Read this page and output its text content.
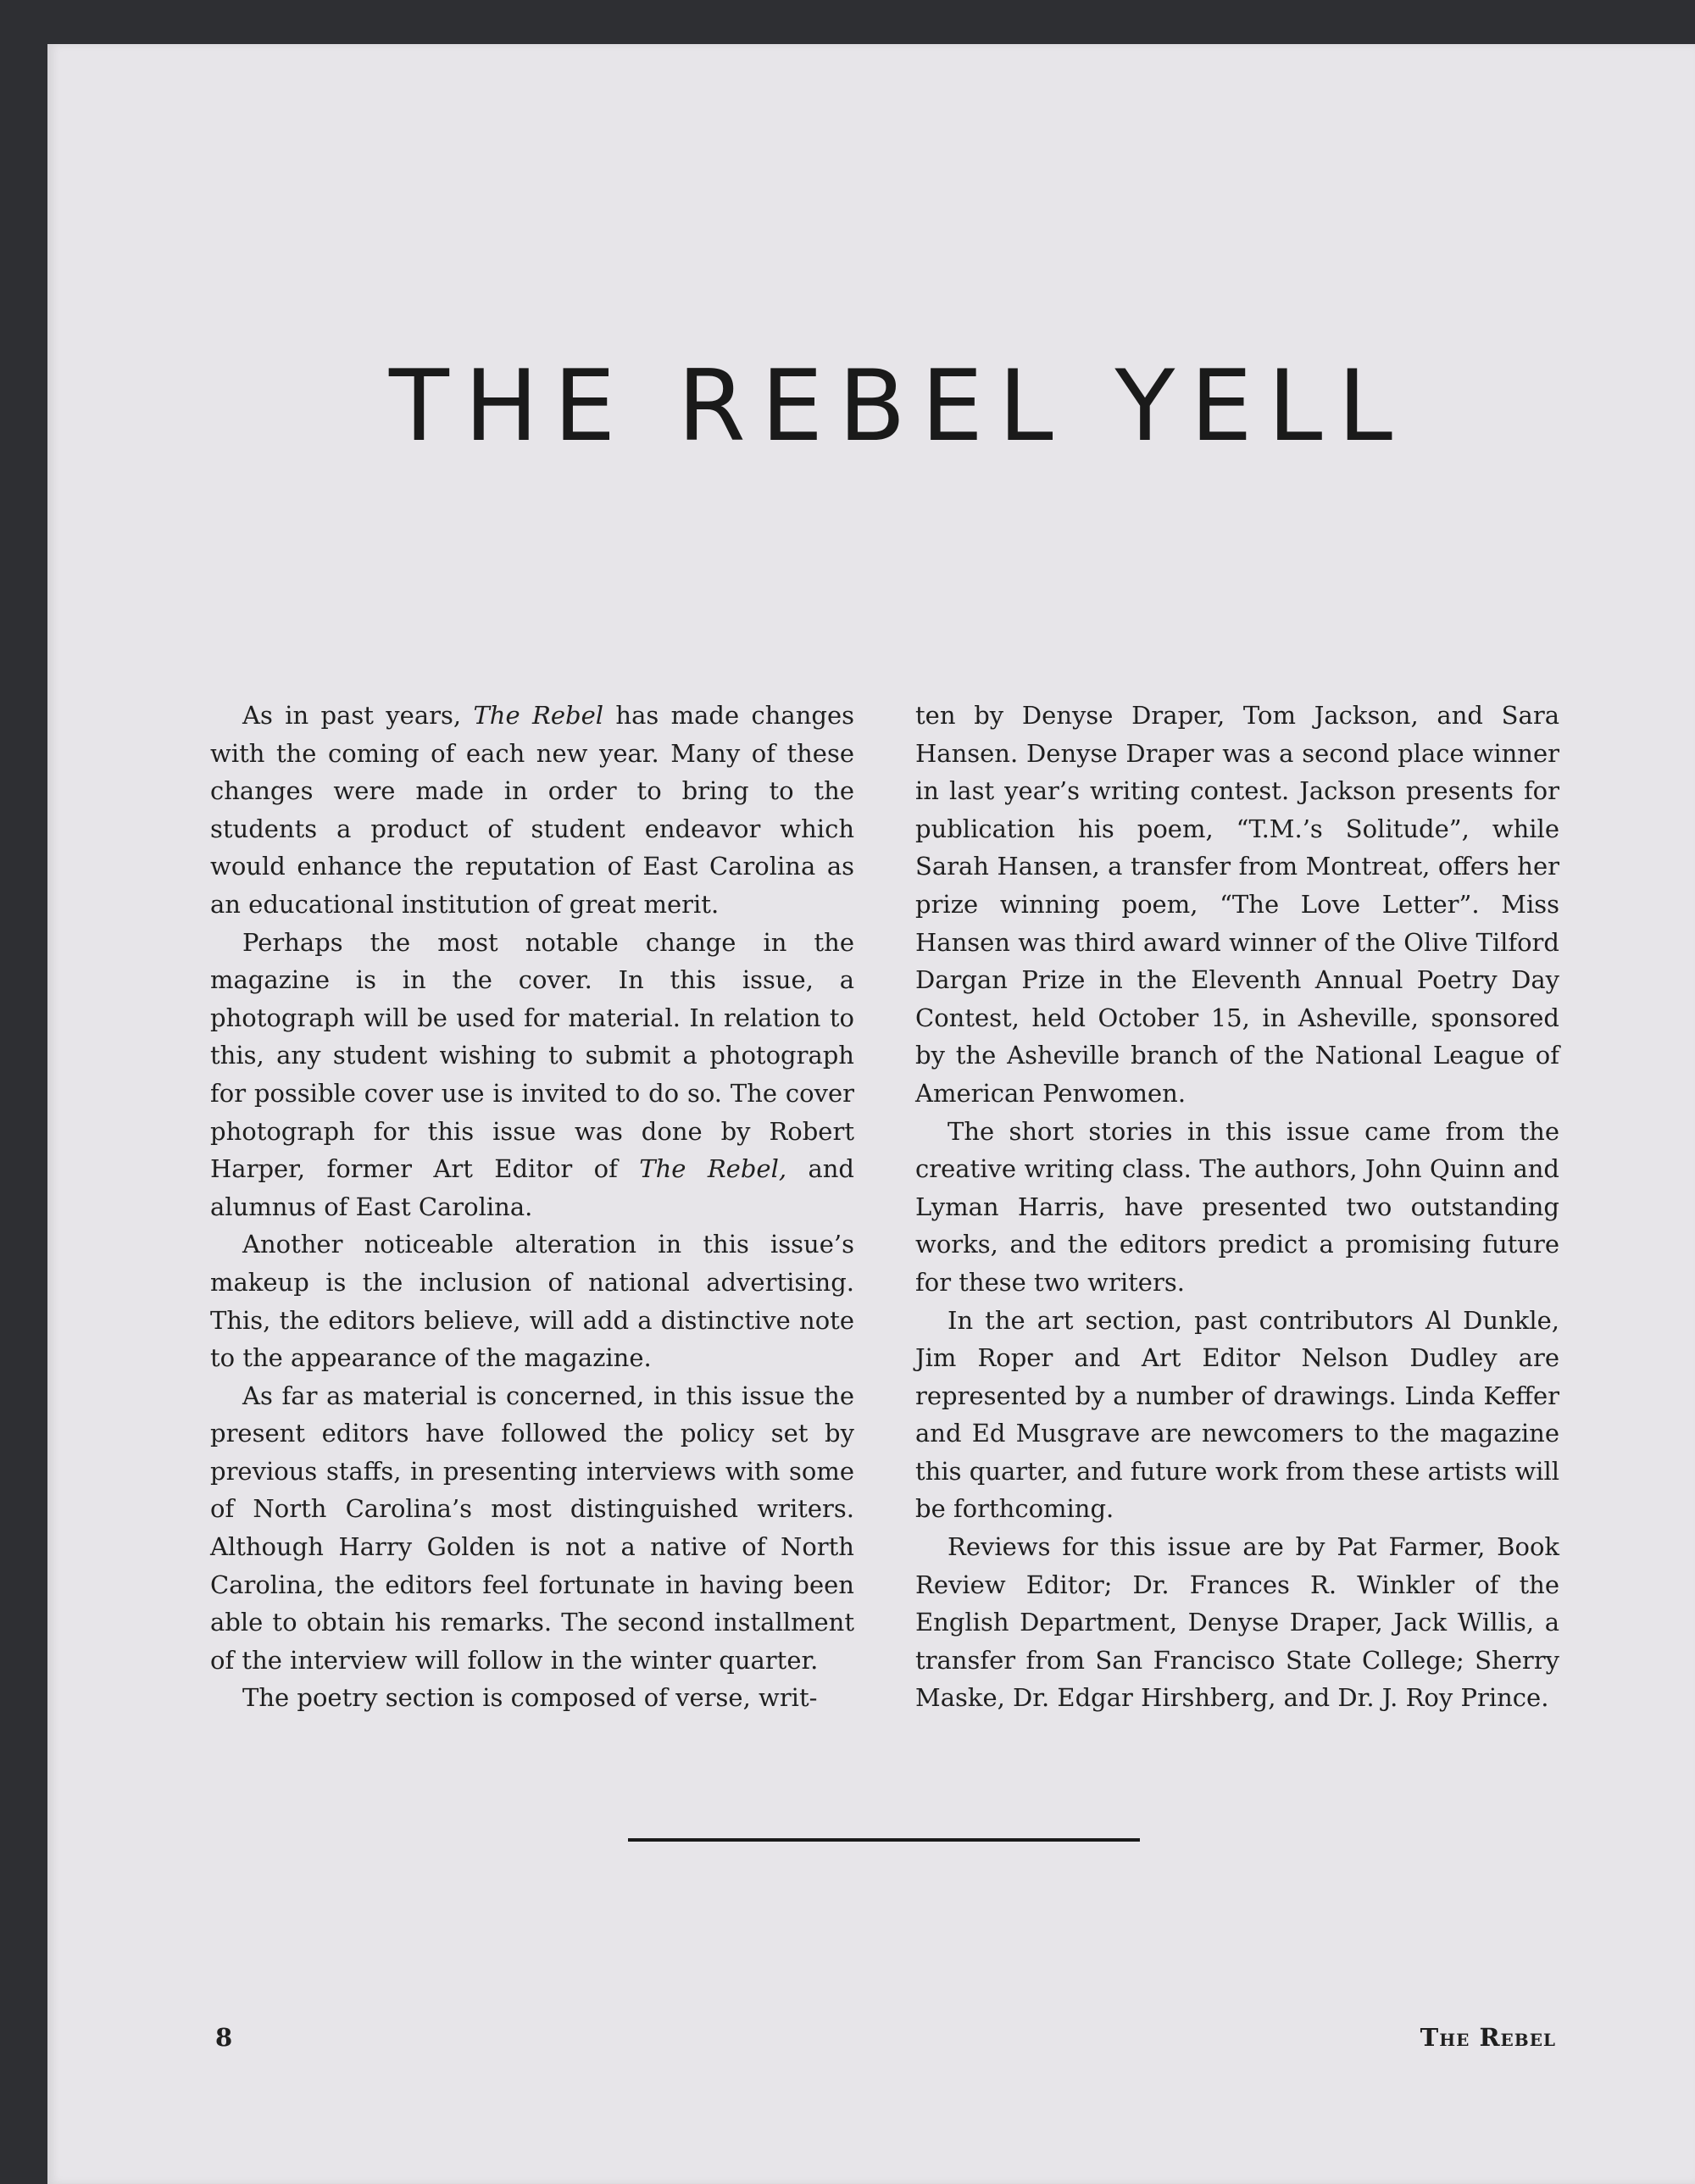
THE REBEL YELL

As in past years, The Rebel has made changes with the coming of each new year. Many of these changes were made in order to bring to the students a product of student endeavor which would enhance the reputation of East Carolina as an educational institution of great merit.

Perhaps the most notable change in the magazine is in the cover. In this issue, a photograph will be used for material. In relation to this, any student wishing to submit a photograph for possible cover use is invited to do so. The cover photograph for this issue was done by Robert Harper, former Art Editor of The Rebel, and alumnus of East Carolina.

Another noticeable alteration in this issue’s makeup is the inclusion of national advertising. This, the editors believe, will add a distinctive note to the appearance of the magazine.

As far as material is concerned, in this issue the present editors have followed the policy set by previous staffs, in presenting interviews with some of North Carolina’s most distinguished writers. Although Harry Golden is not a native of North Carolina, the editors feel fortunate in having been able to obtain his remarks. The second installment of the interview will follow in the winter quarter.

The poetry section is composed of verse, writ-

ten by Denyse Draper, Tom Jackson, and Sara Hansen. Denyse Draper was a second place winner in last year’s writing contest. Jackson presents for publication his poem, “T.M.’s Solitude”, while Sarah Hansen, a transfer from Montreat, offers her prize winning poem, “The Love Letter”. Miss Hansen was third award winner of the Olive Tilford Dargan Prize in the Eleventh Annual Poetry Day Contest, held October 15, in Asheville, sponsored by the Asheville branch of the National League of American Penwomen.

The short stories in this issue came from the creative writing class. The authors, John Quinn and Lyman Harris, have presented two outstanding works, and the editors predict a promising future for these two writers.

In the art section, past contributors Al Dunkle, Jim Roper and Art Editor Nelson Dudley are represented by a number of drawings. Linda Keffer and Ed Musgrave are newcomers to the magazine this quarter, and future work from these artists will be forthcoming.

Reviews for this issue are by Pat Farmer, Book Review Editor; Dr. Frances R. Winkler of the English Department, Denyse Draper, Jack Willis, a transfer from San Francisco State College; Sherry Maske, Dr. Edgar Hirshberg, and Dr. J. Roy Prince.

8	The Rebel
